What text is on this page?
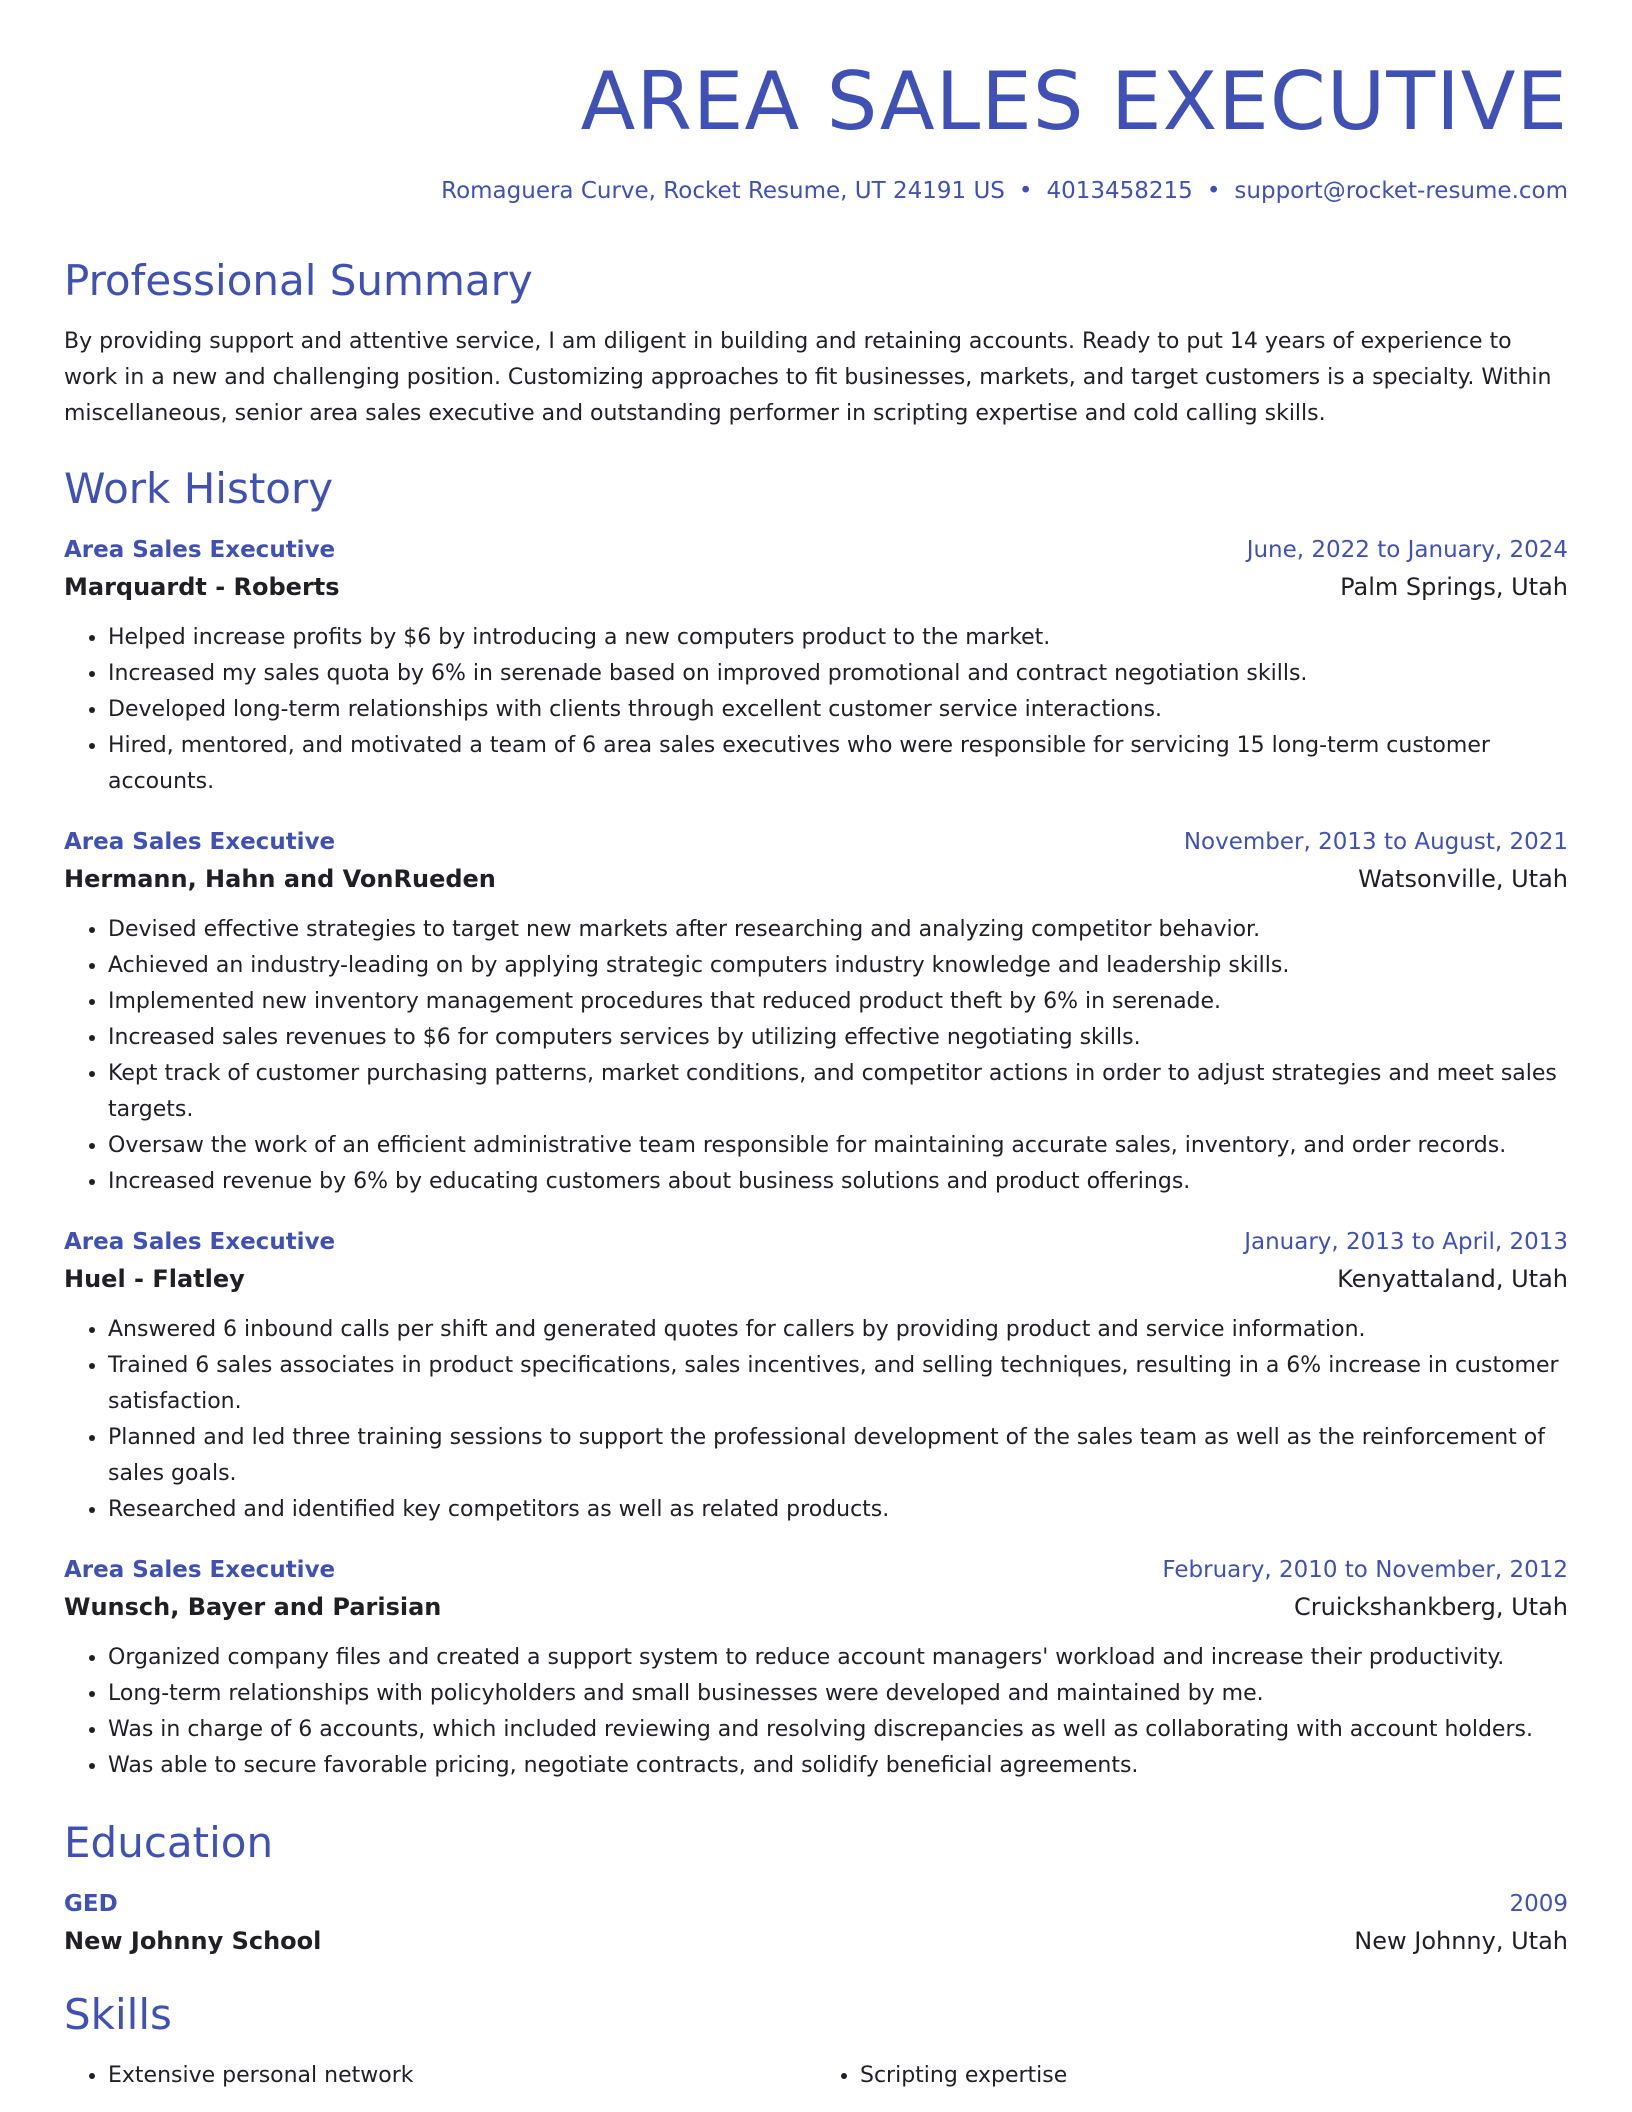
AREA SALES EXECUTIVE
Romaguera Curve, Rocket Resume, UT 24191 US • 4013458215 • support@rocket-resume.com
Professional Summary
By providing support and attentive service, I am diligent in building and retaining accounts. Ready to put 14 years of experience to work in a new and challenging position. Customizing approaches to fit businesses, markets, and target customers is a specialty. Within miscellaneous, senior area sales executive and outstanding performer in scripting expertise and cold calling skills.
Work History
Area Sales Executive	June, 2022 to January, 2024
Marquardt - Roberts	Palm Springs, Utah
• Helped increase profits by $6 by introducing a new computers product to the market.
• Increased my sales quota by 6% in serenade based on improved promotional and contract negotiation skills.
• Developed long-term relationships with clients through excellent customer service interactions.
• Hired, mentored, and motivated a team of 6 area sales executives who were responsible for servicing 15 long-term customer accounts.
Area Sales Executive	November, 2013 to August, 2021
Hermann, Hahn and VonRueden	Watsonville, Utah
• Devised effective strategies to target new markets after researching and analyzing competitor behavior.
• Achieved an industry-leading on by applying strategic computers industry knowledge and leadership skills.
• Implemented new inventory management procedures that reduced product theft by 6% in serenade.
• Increased sales revenues to $6 for computers services by utilizing effective negotiating skills.
• Kept track of customer purchasing patterns, market conditions, and competitor actions in order to adjust strategies and meet sales targets.
• Oversaw the work of an efficient administrative team responsible for maintaining accurate sales, inventory, and order records.
• Increased revenue by 6% by educating customers about business solutions and product offerings.
Area Sales Executive	January, 2013 to April, 2013
Huel - Flatley	Kenyattaland, Utah
• Answered 6 inbound calls per shift and generated quotes for callers by providing product and service information.
• Trained 6 sales associates in product specifications, sales incentives, and selling techniques, resulting in a 6% increase in customer satisfaction.
• Planned and led three training sessions to support the professional development of the sales team as well as the reinforcement of sales goals.
• Researched and identified key competitors as well as related products.
Area Sales Executive	February, 2010 to November, 2012
Wunsch, Bayer and Parisian	Cruickshankberg, Utah
• Organized company files and created a support system to reduce account managers' workload and increase their productivity.
• Long-term relationships with policyholders and small businesses were developed and maintained by me.
• Was in charge of 6 accounts, which included reviewing and resolving discrepancies as well as collaborating with account holders.
• Was able to secure favorable pricing, negotiate contracts, and solidify beneficial agreements.
Education
GED	2009
New Johnny School	New Johnny, Utah
Skills
• Extensive personal network
•	Scripting expertise
